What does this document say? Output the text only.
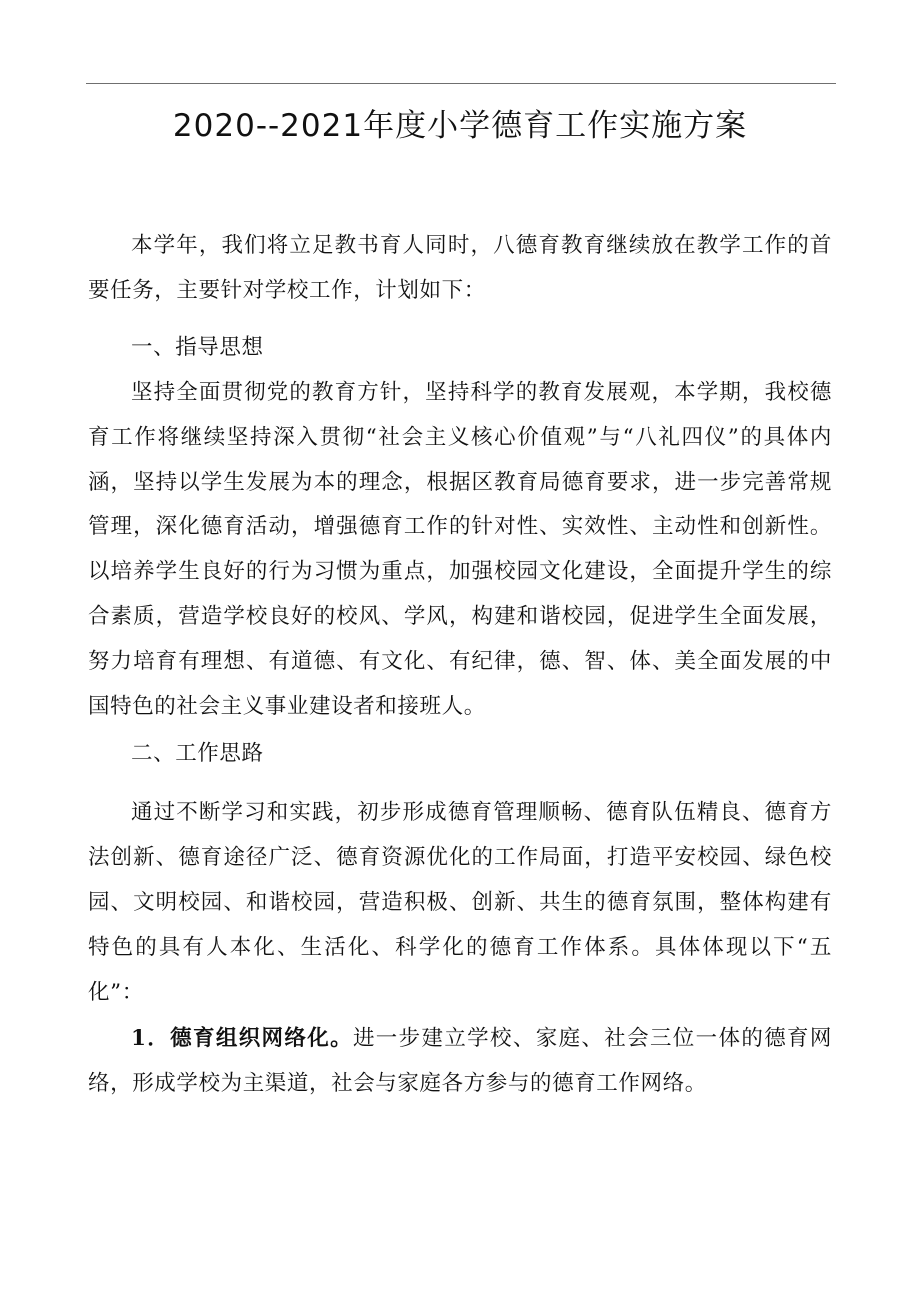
2020--2021年度小学德育工作实施方案

本学年，我们将立足教书育人同时，八德育教育继续放在教学工作的首要任务，主要针对学校工作，计划如下：

一、指导思想

坚持全面贯彻党的教育方针，坚持科学的教育发展观，本学期，我校德育工作将继续坚持深入贯彻“社会主义核心价值观”与“八礼四仪”的具体内涵，坚持以学生发展为本的理念，根据区教育局德育要求，进一步完善常规管理，深化德育活动，增强德育工作的针对性、实效性、主动性和创新性。以培养学生良好的行为习惯为重点，加强校园文化建设，全面提升学生的综合素质，营造学校良好的校风、学风，构建和谐校园，促进学生全面发展，努力培育有理想、有道德、有文化、有纪律，德、智、体、美全面发展的中国特色的社会主义事业建设者和接班人。

二、工作思路

通过不断学习和实践，初步形成德育管理顺畅、德育队伍精良、德育方法创新、德育途径广泛、德育资源优化的工作局面，打造平安校园、绿色校园、文明校园、和谐校园，营造积极、创新、共生的德育氛围，整体构建有特色的具有人本化、生活化、科学化的德育工作体系。具体体现以下“五化”：

1．德育组织网络化。进一步建立学校、家庭、社会三位一体的德育网络，形成学校为主渠道，社会与家庭各方参与的德育工作网络。
